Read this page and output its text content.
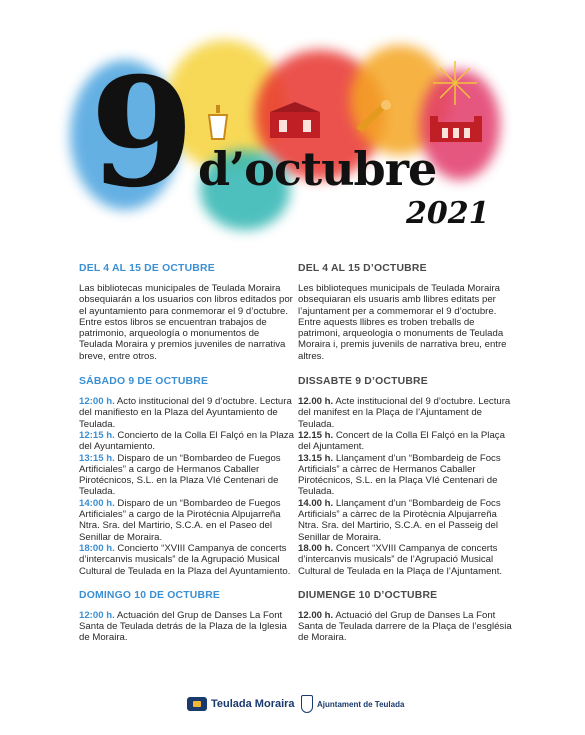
9 d’octubre
2021
DEL 4 AL 15 DE OCTUBRE
Las bibliotecas municipales de Teulada Moraira obsequiarán a los usuarios con libros editados por el ayuntamiento para conmemorar el 9 d’octubre. Entre estos libros se encuentran trabajos de patrimonio, arqueología o monumentos de Teulada Moraira y premios juveniles de narrativa breve, entre otros.
SÁBADO 9 DE OCTUBRE
12:00 h. Acto institucional del 9 d’octubre. Lectura del manifiesto en la Plaza del Ayuntamiento de Teulada.
12:15 h. Concierto de la Colla El Falçó en la Plaza del Ayuntamiento.
13:15 h. Disparo de un “Bombardeo de Fuegos Artificiales” a cargo de Hermanos Caballer Pirotécnicos, S.L. en la Plaza VIé Centenari de Teulada.
14:00 h. Disparo de un “Bombardeo de Fuegos Artificiales” a cargo de la Pirotécnia Alpujarreña Ntra. Sra. del Martirio, S.C.A. en el Paseo del Senillar de Moraira.
18:00 h. Concierto “XVIII Campanya de concerts d’intercanvis musicals” de la Agrupació Musical Cultural de Teulada en la Plaza del Ayuntamiento.
DOMINGO 10 DE OCTUBRE
12:00 h. Actuación del Grup de Danses La Font Santa de Teulada detrás de la Plaza de la Iglesia de Moraira.
DEL 4 AL 15 D’OCTUBRE
Les biblioteques municipals de Teulada Moraira obsequiaran els usuaris amb llibres editats per l’ajuntament per a commemorar el 9 d’octubre. Entre aquests llibres es troben treballs de patrimoni, arqueologia o monuments de Teulada Moraira i, premis juvenils de narrativa breu, entre altres.
DISSABTE 9 D’OCTUBRE
12.00 h. Acte institucional del 9 d’octubre. Lectura del manifest en la Plaça de l’Ajuntament de Teulada.
12.15 h. Concert de la Colla El Falçó en la Plaça del Ajuntament.
13.15 h. Llançament d’un “Bombardeig de Focs Artificials” a càrrec de Hermanos Caballer Pirotécnicos, S.L. en la Plaça VIé Centenari de Teulada.
14.00 h. Llançament d’un “Bombardeig de Focs Artificials” a càrrec de la Pirotècnia Alpujarreña Ntra. Sra. del Martirio, S.C.A. en el Passeig del Senillar de Moraira.
18.00 h. Concert “XVIII Campanya de concerts d’intercanvis musicals” de l’Agrupació Musical Cultural de Teulada en la Plaça de l’Ajuntament.
DIUMENGE 10 D’OCTUBRE
12.00 h. Actuació del Grup de Danses La Font Santa de Teulada darrere de la Plaça de l’església de Moraira.
Teulada Moraira	Ajuntament de Teulada
